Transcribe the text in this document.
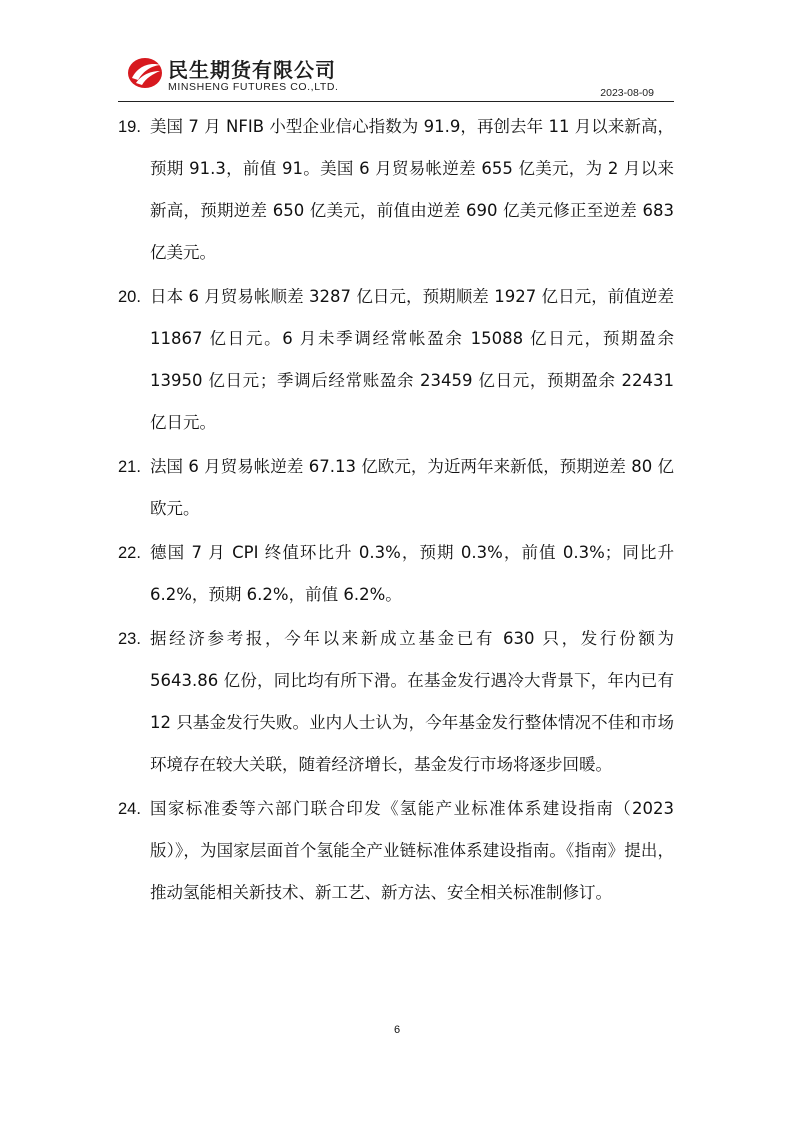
民生期货有限公司
MINSHENG FUTURES CO.,LTD.	2023-08-09
19. 美国 7 月 NFIB 小型企业信心指数为 91.9，再创去年 11 月以来新高，预期 91.3，前值 91。美国 6 月贸易帐逆差 655 亿美元，为 2 月以来新高，预期逆差 650 亿美元，前值由逆差 690 亿美元修正至逆差 683 亿美元。
20. 日本 6 月贸易帐顺差 3287 亿日元，预期顺差 1927 亿日元，前值逆差 11867 亿日元。6 月未季调经常帐盈余 15088 亿日元，预期盈余 13950 亿日元；季调后经常账盈余 23459 亿日元，预期盈余 22431 亿日元。
21. 法国 6 月贸易帐逆差 67.13 亿欧元，为近两年来新低，预期逆差 80 亿欧元。
22. 德国 7 月 CPI 终值环比升 0.3%，预期 0.3%，前值 0.3%；同比升 6.2%，预期 6.2%，前值 6.2%。
23. 据经济参考报，今年以来新成立基金已有 630 只，发行份额为 5643.86 亿份，同比均有所下滑。在基金发行遇冷大背景下，年内已有 12 只基金发行失败。业内人士认为，今年基金发行整体情况不佳和市场环境存在较大关联，随着经济增长，基金发行市场将逐步回暖。
24. 国家标准委等六部门联合印发《氢能产业标准体系建设指南（2023 版）》，为国家层面首个氢能全产业链标准体系建设指南。《指南》提出，推动氢能相关新技术、新工艺、新方法、安全相关标准制修订。
6
